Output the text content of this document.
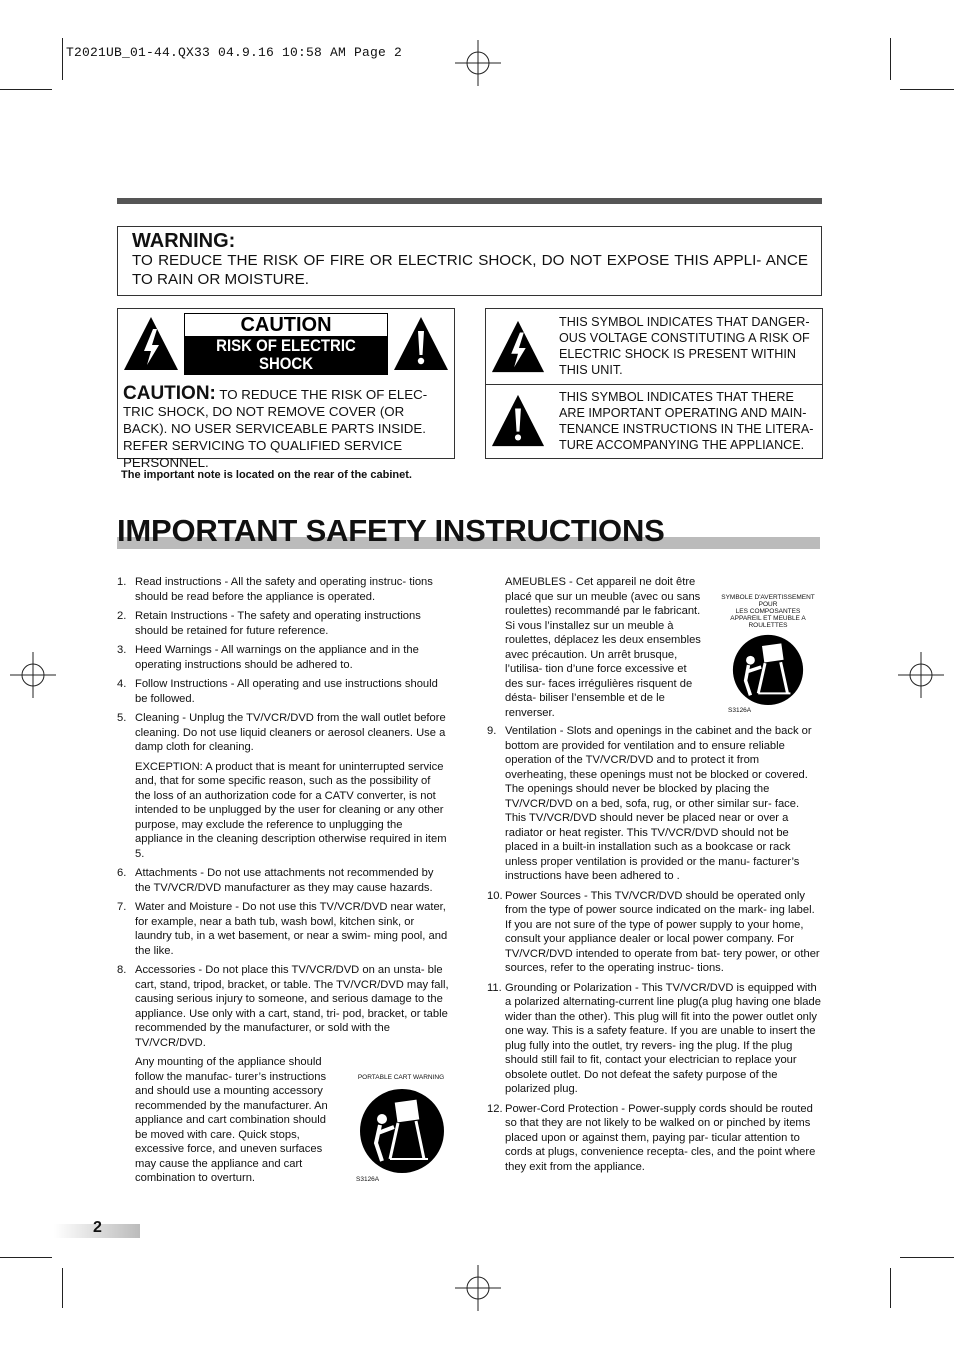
T2021UB_01-44.QX33 04.9.16 10:58 AM Page 2
WARNING:
TO REDUCE THE RISK OF FIRE OR ELECTRIC SHOCK, DO NOT EXPOSE THIS APPLI- ANCE TO RAIN OR MOISTURE.
CAUTION
RISK OF ELECTRIC SHOCK
DO NOT OPEN
CAUTION: TO REDUCE THE RISK OF ELEC- TRIC SHOCK, DO NOT REMOVE COVER (OR BACK). NO USER SERVICEABLE PARTS INSIDE. REFER SERVICING TO QUALIFIED SERVICE PERSONNEL.
THIS SYMBOL INDICATES THAT DANGER- OUS VOLTAGE CONSTITUTING A RISK OF ELECTRIC SHOCK IS PRESENT WITHIN THIS UNIT.
THIS SYMBOL INDICATES THAT THERE ARE IMPORTANT OPERATING AND MAIN- TENANCE INSTRUCTIONS IN THE LITERA- TURE ACCOMPANYING THE APPLIANCE.
The important note is located on the rear of the cabinet.
IMPORTANT SAFETY INSTRUCTIONS
1. Read instructions - All the safety and operating instruc- tions should be read before the appliance is operated.

2. Retain Instructions - The safety and operating instructions should be retained for future reference.

3. Heed Warnings - All warnings on the appliance and in the operating instructions should be adhered to.

4. Follow Instructions - All operating and use instructions should be followed.

5. Cleaning - Unplug the TV/VCR/DVD from the wall outlet before cleaning. Do not use liquid cleaners or aerosol cleaners. Use a damp cloth for cleaning.

EXCEPTION: A product that is meant for uninterrupted service and, that for some specific reason, such as the possibility of the loss of an authorization code for a CATV converter, is not intended to be unplugged by the user for cleaning or any other purpose, may exclude the reference to unplugging the appliance in the cleaning description otherwise required in item 5.

6. Attachments - Do not use attachments not recommended by the TV/VCR/DVD manufacturer as they may cause hazards.

7. Water and Moisture - Do not use this TV/VCR/DVD near water, for example, near a bath tub, wash bowl, kitchen sink, or laundry tub, in a wet basement, or near a swim- ming pool, and the like.

8. Accessories - Do not place this TV/VCR/DVD on an unsta- ble cart, stand, tripod, bracket, or table. The TV/VCR/DVD may fall, causing serious injury to someone, and serious damage to the appliance. Use only with a cart, stand, tri- pod, bracket, or table recommended by the manufacturer, or sold with the TV/VCR/DVD.

Any mounting of the appliance should follow the manufac- turer’s instructions and should use a mounting accessory recommended by the manufacturer. An appliance and cart combination should be moved with care. Quick stops, excessive force, and uneven surfaces may cause the appliance and cart combination to overturn.

PORTABLE CART WARNING
S3126A

AMEUBLES - Cet appareil ne doit être placé que sur un meuble (avec ou sans roulettes) recommandé par le fabricant. Si vous l’installez sur un meuble à roulettes, déplacez les deux ensembles avec précaution. Un arrêt brusque, l’utilisa- tion d’une force excessive et des sur- faces irrégulières risquent de désta- biliser l’ensemble et de le renverser.

9. Ventilation - Slots and openings in the cabinet and the back or bottom are provided for ventilation and to ensure reliable operation of the TV/VCR/DVD and to protect it from overheating, these openings must not be blocked or covered. The openings should never be blocked by placing the TV/VCR/DVD on a bed, sofa, rug, or other similar sur- face. This TV/VCR/DVD should never be placed near or over a radiator or heat register. This TV/VCR/DVD should not be placed in a built-in installation such as a bookcase or rack unless proper ventilation is provided or the manu- facturer’s instructions have been adhered to .

10. Power Sources - This TV/VCR/DVD should be operated only from the type of power source indicated on the mark- ing label. If you are not sure of the type of power supply to your home, consult your appliance dealer or local power company. For TV/VCR/DVD intended to operate from bat- tery power, or other sources, refer to the operating instruc- tions.

11. Grounding or Polarization - This TV/VCR/DVD is equipped with a polarized alternating-current line plug(a plug having one blade wider than the other). This plug will fit into the power outlet only one way. This is a safety feature. If you are unable to insert the plug fully into the outlet, try revers- ing the plug. If the plug should still fail to fit, contact your electrician to replace your obsolete outlet. Do not defeat the safety purpose of the polarized plug.

12. Power-Cord Protection - Power-supply cords should be routed so that they are not likely to be walked on or pinched by items placed upon or against them, paying par- ticular attention to cords at plugs, convenience recepta- cles, and the point where they exit from the appliance.

SYMBOLE D'AVERTISSEMENT POUR
LES COMPOSANTES
APPAREIL ET MEUBLE A ROULETTES
S3126A
2
